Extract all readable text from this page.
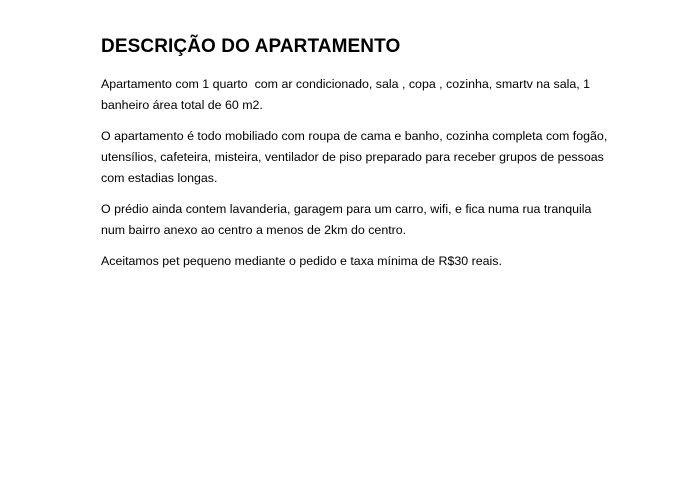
DESCRIÇÃO DO APARTAMENTO

Apartamento com 1 quarto  com ar condicionado, sala , copa , cozinha, smartv na sala, 1 banheiro área total de 60 m2.

O apartamento é todo mobiliado com roupa de cama e banho, cozinha completa com fogão, utensílios, cafeteira, misteira, ventilador de piso preparado para receber grupos de pessoas com estadias longas.

O prédio ainda contem lavanderia, garagem para um carro, wifi, e fica numa rua tranquila num bairro anexo ao centro a menos de 2km do centro.

Aceitamos pet pequeno mediante o pedido e taxa mínima de R$30 reais.
